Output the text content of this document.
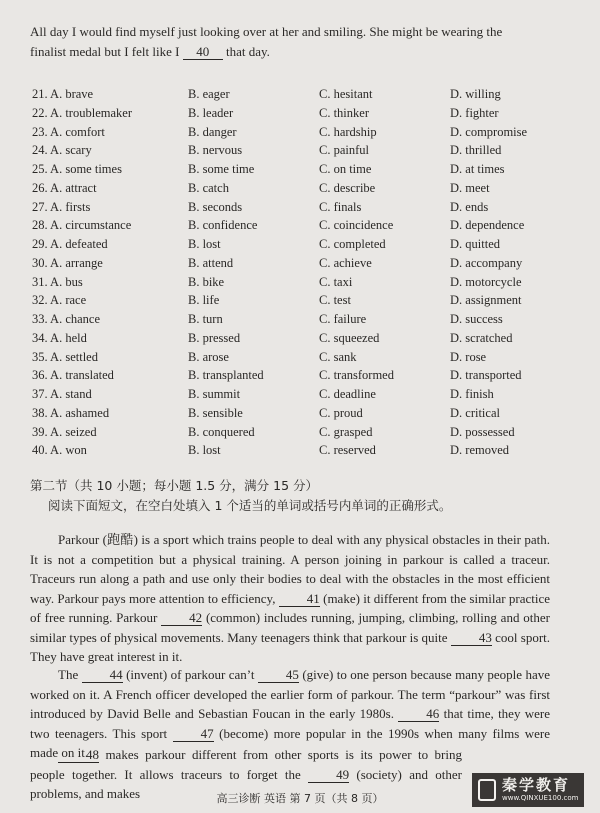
All day I would find myself just looking over at her and smiling. She might be wearing the
finalist medal but I felt like I 40 that day.
21. A. brave	B. eager	C. hesitant	D. willing
22. A. troublemaker	B. leader	C. thinker	D. fighter
23. A. comfort	B. danger	C. hardship	D. compromise
24. A. scary	B. nervous	C. painful	D. thrilled
25. A. some times	B. some time	C. on time	D. at times
26. A. attract	B. catch	C. describe	D. meet
27. A. firsts	B. seconds	C. finals	D. ends
28. A. circumstance	B. confidence	C. coincidence	D. dependence
29. A. defeated	B. lost	C. completed	D. quitted
30. A. arrange	B. attend	C. achieve	D. accompany
31. A. bus	B. bike	C. taxi	D. motorcycle
32. A. race	B. life	C. test	D. assignment
33. A. chance	B. turn	C. failure	D. success
34. A. held	B. pressed	C. squeezed	D. scratched
35. A. settled	B. arose	C. sank	D. rose
36. A. translated	B. transplanted	C. transformed	D. transported
37. A. stand	B. summit	C. deadline	D. finish
38. A. ashamed	B. sensible	C. proud	D. critical
39. A. seized	B. conquered	C. grasped	D. possessed
40. A. won	B. lost	C. reserved	D. removed
第二节（共 10 小题；每小题 1.5 分，满分 15 分）
阅读下面短文，在空白处填入 1 个适当的单词或括号内单词的正确形式。
Parkour (跑酷) is a sport which trains people to deal with any physical obstacles in their path. It is not a competition but a physical training. A person joining in parkour is called a traceur. Traceurs run along a path and use only their bodies to deal with the obstacles in the most efficient way. Parkour pays more attention to efficiency, 41 (make) it different from the similar practice of free running. Parkour 42 (common) includes running, jumping, climbing, rolling and other similar types of physical movements. Many teenagers think that parkour is quite 43 cool sport. They have great interest in it.
The 44 (invent) of parkour can’t 45 (give) to one person because many people have worked on it. A French officer developed the earlier form of parkour. The term “parkour” was first introduced by David Belle and Sebastian Foucan in the early 1980s. 46 that time, they were two teenagers. This sport	47 (become) more popular in the 1990s when many films were made on it.
48 makes parkour different from other sports is its power to bring people together. It allows traceurs to forget the	49 (society) and other problems, and makes	高三诊断 英语 第 7 页（共 8 页）
秦学教育
www.QINXUE100.com
